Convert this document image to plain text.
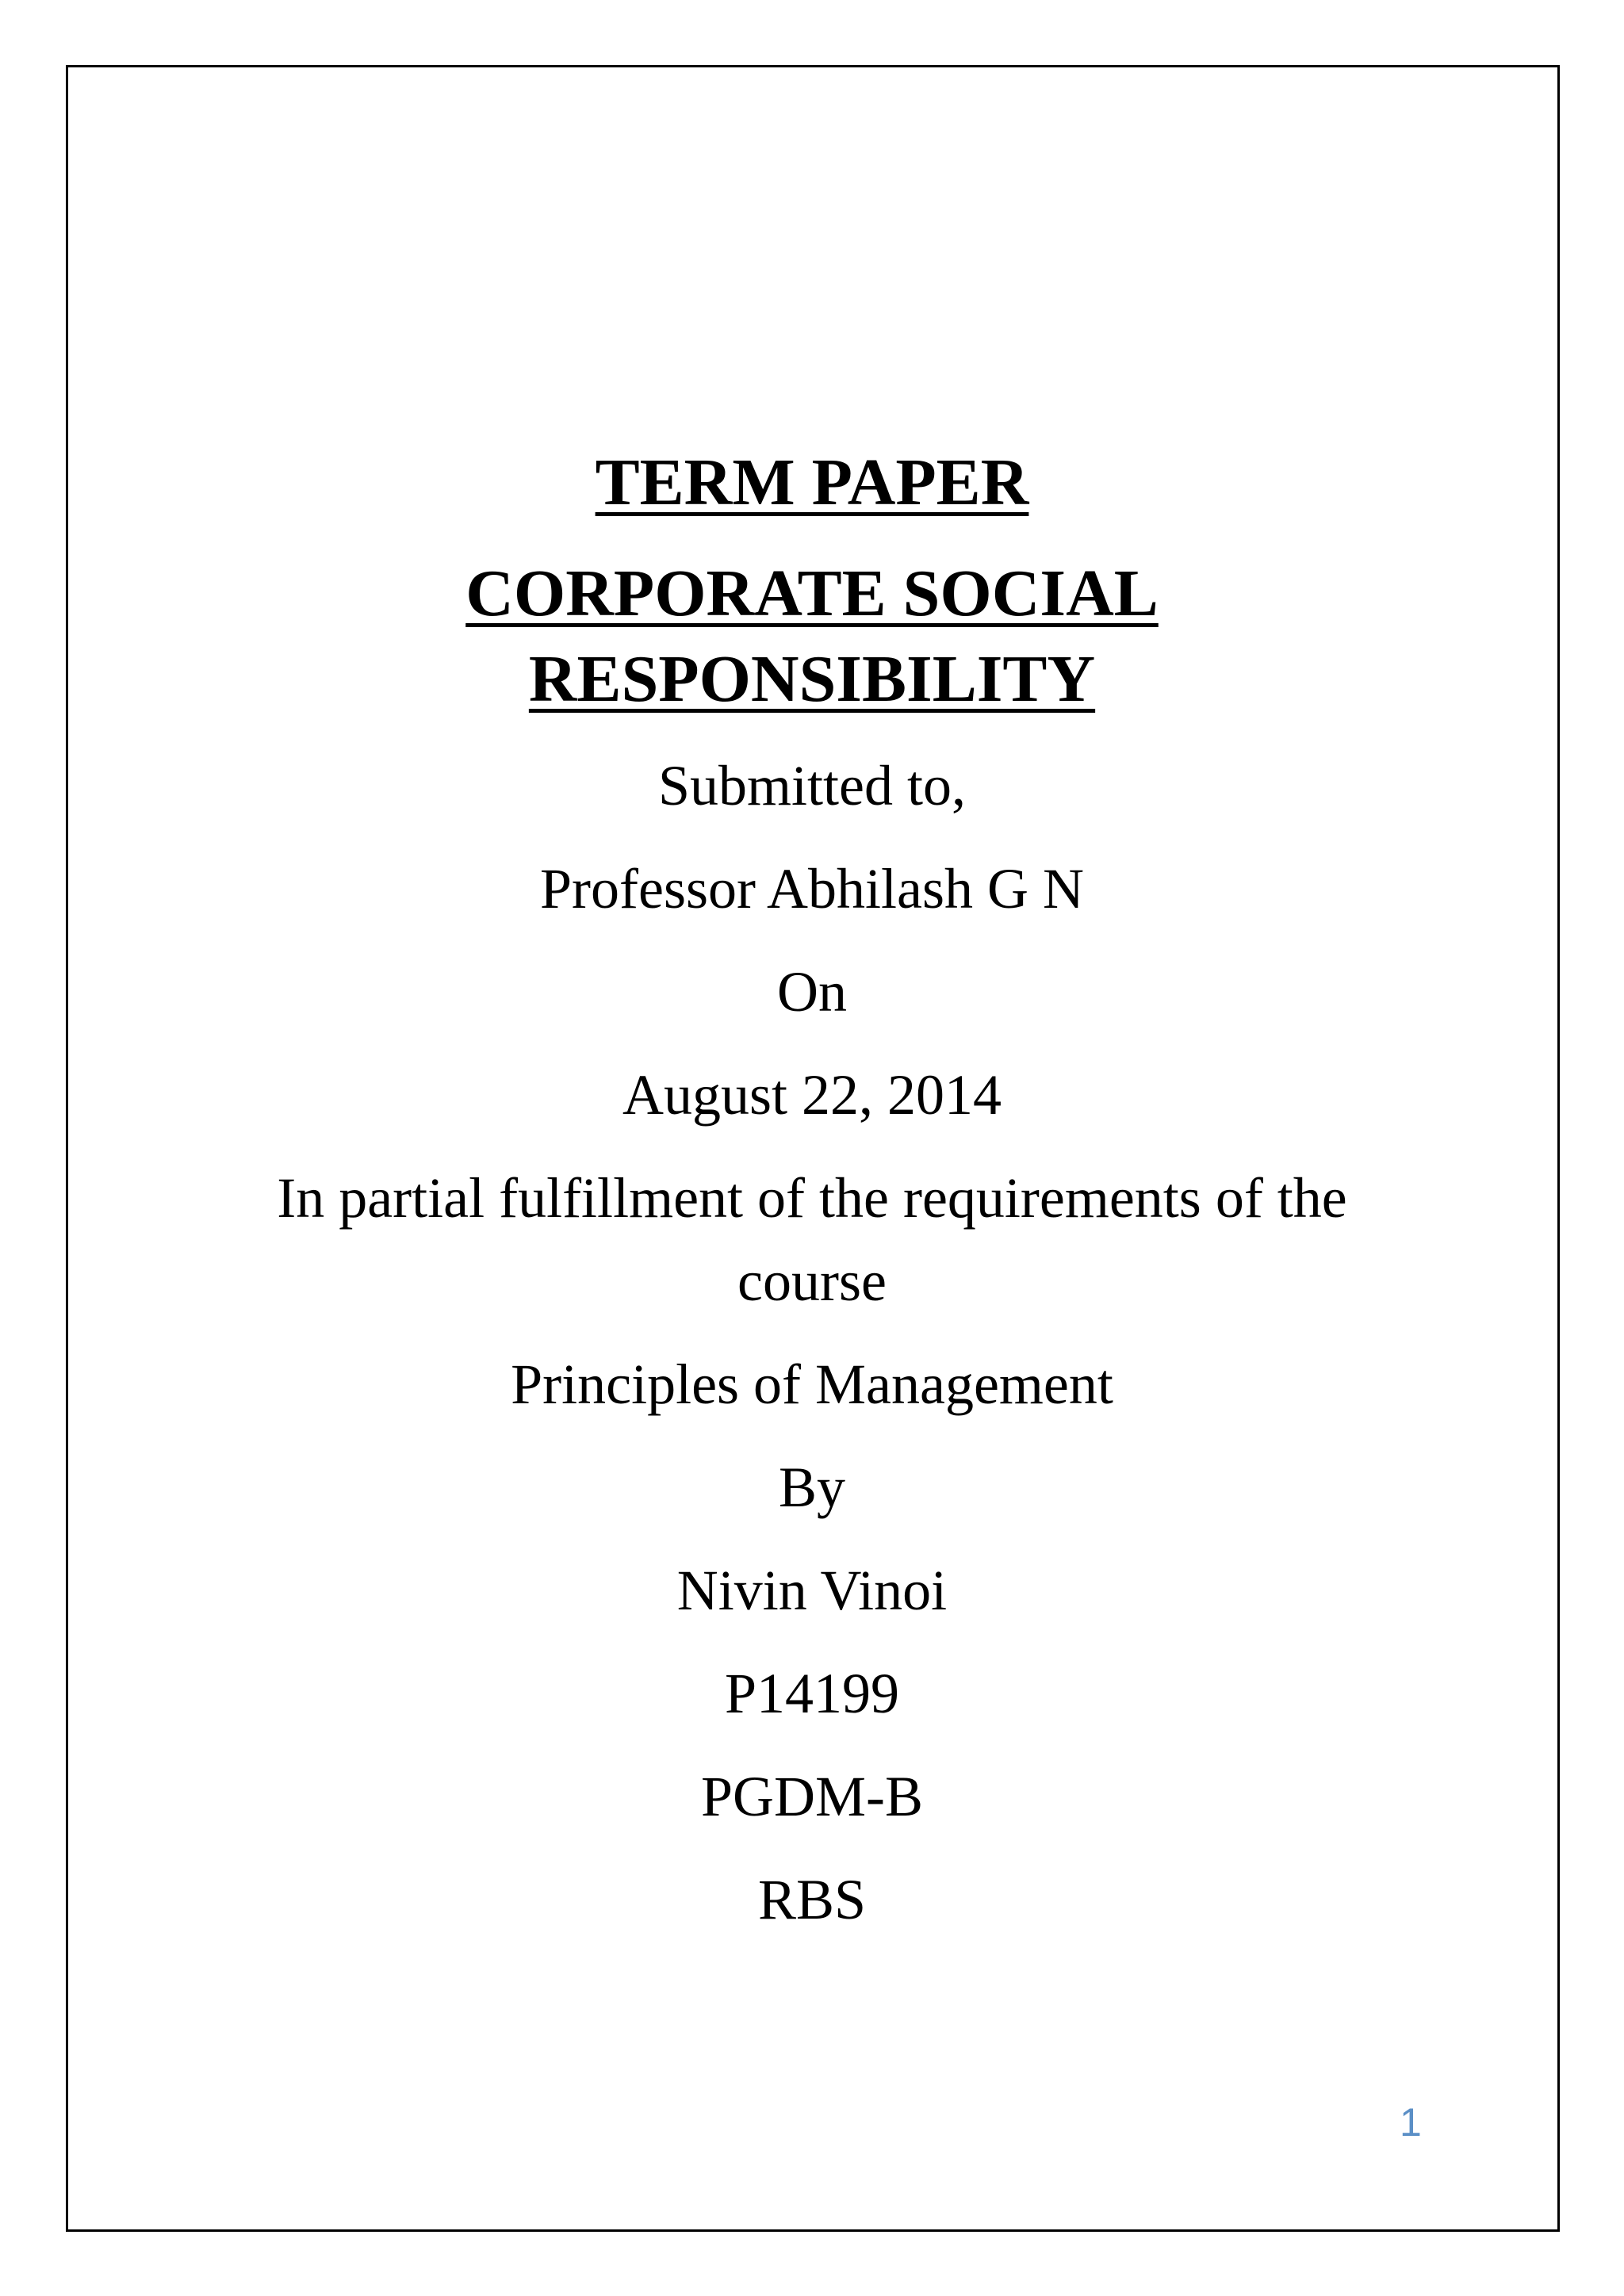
TERM PAPER
CORPORATE SOCIAL
RESPONSIBILITY
Submitted to,
Professor Abhilash G N
On
August 22, 2014
In partial fulfillment of the requirements of the
course
Principles of Management
By
Nivin Vinoi
P14199
PGDM-B
RBS
1
